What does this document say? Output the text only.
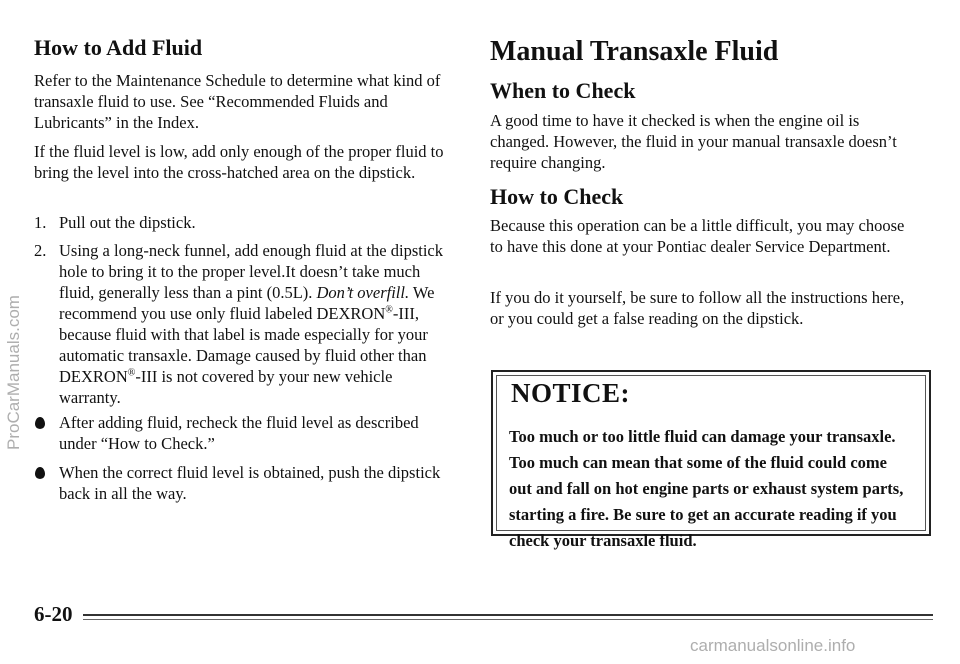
How to Add Fluid

Refer to the Maintenance Schedule to determine what kind of transaxle fluid to use. See “Recommended Fluids and Lubricants” in the Index.

If the fluid level is low, add only enough of the proper fluid to bring the level into the cross-hatched area on the dipstick.

1. Pull out the dipstick.
2. Using a long-neck funnel, add enough fluid at the dipstick hole to bring it to the proper level.It doesn’t take much fluid, generally less than a pint (0.5L). Don’t overfill. We recommend you use only fluid labeled DEXRON®-III, because fluid with that label is made especially for your automatic transaxle. Damage caused by fluid other than DEXRON®-III is not covered by your new vehicle warranty.
After adding fluid, recheck the fluid level as described under “How to Check.”
When the correct fluid level is obtained, push the dipstick back in all the way.
Manual Transaxle Fluid
When to Check

A good time to have it checked is when the engine oil is changed. However, the fluid in your manual transaxle doesn’t require changing.

How to Check

Because this operation can be a little difficult, you may choose to have this done at your Pontiac dealer Service Department.

If you do it yourself, be sure to follow all the instructions here, or you could get a false reading on the dipstick.

NOTICE:
Too much or too little fluid can damage your transaxle. Too much can mean that some of the fluid could come out and fall on hot engine parts or exhaust system parts, starting a fire. Be sure to get an accurate reading if you check your transaxle fluid.
6-20
ProCarManuals.com
carmanualsonline.info
